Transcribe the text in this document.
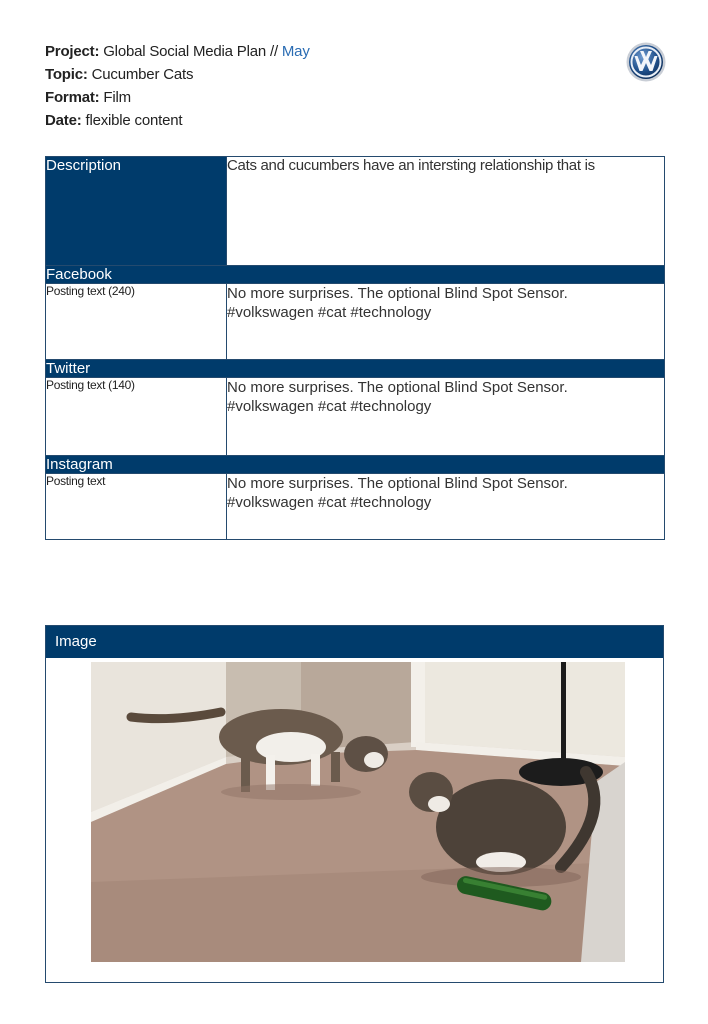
Project: Global Social Media Plan // May
Topic: Cucumber Cats
Format: Film
Date: flexible content
Description	Cats and cucumbers have an intersting relationship that is
Facebook	
Posting text (240)	No more surprises. The optional Blind Spot Sensor.
#volkswagen #cat #technology

Twitter	
Posting text (140)	No more surprises. The optional Blind Spot Sensor.
#volkswagen #cat #technology

Instagram	
Posting text	No more surprises. The optional Blind Spot Sensor.
#volkswagen #cat #technology
Image
